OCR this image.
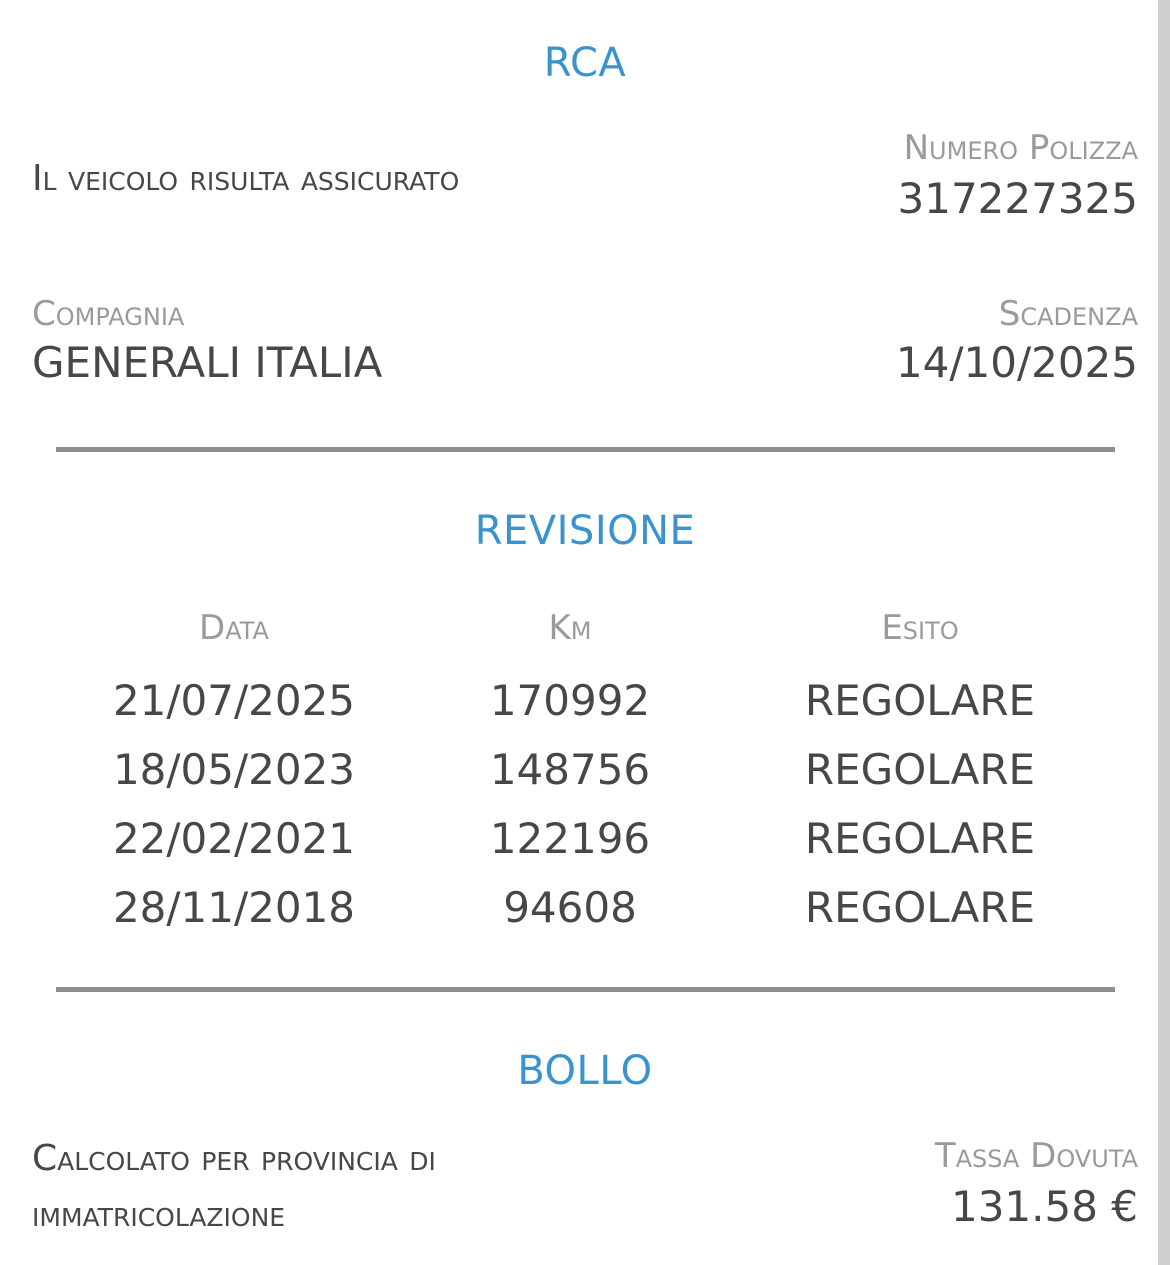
RCA
Il veicolo risulta assicurato
Numero Polizza
317227325
Compagnia
GENERALI ITALIA
Scadenza
14/10/2025
REVISIONE
Data
21/07/2025
18/05/2023
22/02/2021
28/11/2018
Km
170992
148756
122196
94608
Esito
REGOLARE
REGOLARE
REGOLARE
REGOLARE
BOLLO
Calcolato per provincia di
immatricolazione
Tassa Dovuta
131.58 €
